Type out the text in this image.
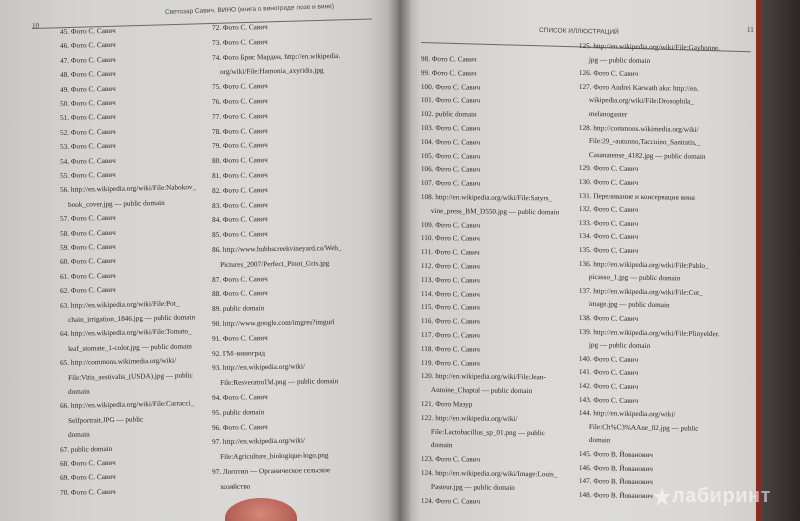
10
Светозар Савич. ВИНО (книга о винограде лозе и вине)
45. Фото С. Савич
46. Фото С. Савич
47. Фото С. Савич
48. Фото С. Савич
49. Фото С. Савич
50. Фото С. Савич
51. Фото С. Савич
52. Фото С. Савич
53. Фото С. Савич
54. Фото С. Савич
55. Фото С. Савич
56. http://en.wikipedia.org/wiki/File:Nabokov_
book_cover.jpg — public domain
57. Фото С. Савич
58. Фото С. Савич
59. Фото С. Савич
60. Фото С. Савич
61. Фото С. Савич
62. Фото С. Савич
63. http://en.wikipedia.org/wiki/File:Pot_
chain_irrigation_1846.jpg — public domain
64. http://en.wikipedia.org/wiki/File:Tomato_
leaf_stomate_1-color.jpg — public domain
65. http://commons.wikimedia.org/wiki/
File:Vitis_aestivalis_(USDA).jpg — public
domain
66. http://en.wikipedia.org/wiki/File:Carracci_
Selfportrait.JPG — public
domain
67. public domain
68. Фото С. Савич
69. Фото С. Савич
70. Фото С. Савич
72. Фото С. Савич
73. Фото С. Савич
74. Фото Брис Марден, http://en.wikipedia.
org/wiki/File:Hamonia_axyridis.jpg
75. Фото С. Савич
76. Фото С. Савич
77. Фото С. Савич
78. Фото С. Савич
79. Фото С. Савич
80. Фото С. Савич
81. Фото С. Савич
82. Фото С. Савич
83. Фото С. Савич
84. Фото С. Савич
85. Фото С. Савич
86. http://www.hubbscreekvineyard.ca/Web_
Pictures_2007/Perfect_Pinot_Gris.jpg
87. Фото С. Савич
88. Фото С. Савич
89. public domain
90. http://www.google.com/imgres?imgurl
91. Фото С. Савич
92. ГМ–виноград
93. http://en.wikipedia.org/wiki/
File:Resveratrol3d.png — public domain
94. Фото С. Савич
95. public domain
96. Фото С. Савич
97. http://en.wikipedia.org/wiki/
File:Agriculture_biologique-logo.png
97. Логотип — Органическое сельское
хозяйство
СПИСОК ИЛЛЮСТРАЦИЙ	11
98. Фото С. Савич
99. Фото С. Савич
100. Фото С. Савич
101. Фото С. Савич
102. public domain
103. Фото С. Савич
104. Фото С. Савич
105. Фото С. Савич
106. Фото С. Савич
107. Фото С. Савич
108. http://en.wikipedia.org/wiki/File:Satyrs_
vine_press_BM_D550.jpg — public domain
109. Фото С. Савич
110. Фото С. Савич
111. Фото С. Савич
112. Фото С. Савич
113. Фото С. Савич
114. Фото С. Савич
115. Фото С. Савич
116. Фото С. Савич
117. Фото С. Савич
118. Фото С. Савич
119. Фото С. Савич
120. http://en.wikipedia.org/wiki/File:Jean-
Antoine_Chaptal — public domain
121. Фото Мазур
122. http://en.wikipedia.org/wiki/
File:Lactobacillus_sp_01.png — public
domain
123. Фото С. Савич
124. http://en.wikipedia.org/wiki/Image:Louis_
Pasteur.jpg — public domain
124. Фото С. Савич
125. http://en.wikipedia.org/wiki/File:Gayhonne.
jpg — public domain
126. Фото С. Савич
127. Фото Andrei Karwath aka: http://en.
wikipedia.org/wiki/File:Drosophila_
melanogaster
128. http://commons.wikimedia.org/wiki/
File:29_-autunno,Taccuino_Sanitatis,_
Casanatense_4182.jpg — public domain
129. Фото С. Савич
130. Фото С. Савич
131. Переливание и консервация вина
132. Фото С. Савич
133. Фото С. Савич
134. Фото С. Савич
135. Фото С. Савич
136. http://en.wikipedia.org/wiki/File:Pablo_
picasso_1.jpg — public domain
137. http://en.wikipedia.org/wiki/File:Cut_
image.jpg — public domain
138. Фото С. Савич
139. http://en.wikipedia.org/wiki/File:Plinyelder.
jpg — public domain
140. Фото С. Савич
141. Фото С. Савич
142. Фото С. Савич
143. Фото С. Савич
144. http://en.wikipedia.org/wiki/
File:Ch%C3%AAne_02.jpg — public
domain
145. Фото В. Йованович
146. Фото В. Йованович
147. Фото В. Йованович
148. Фото В. Йованович лабиринт
